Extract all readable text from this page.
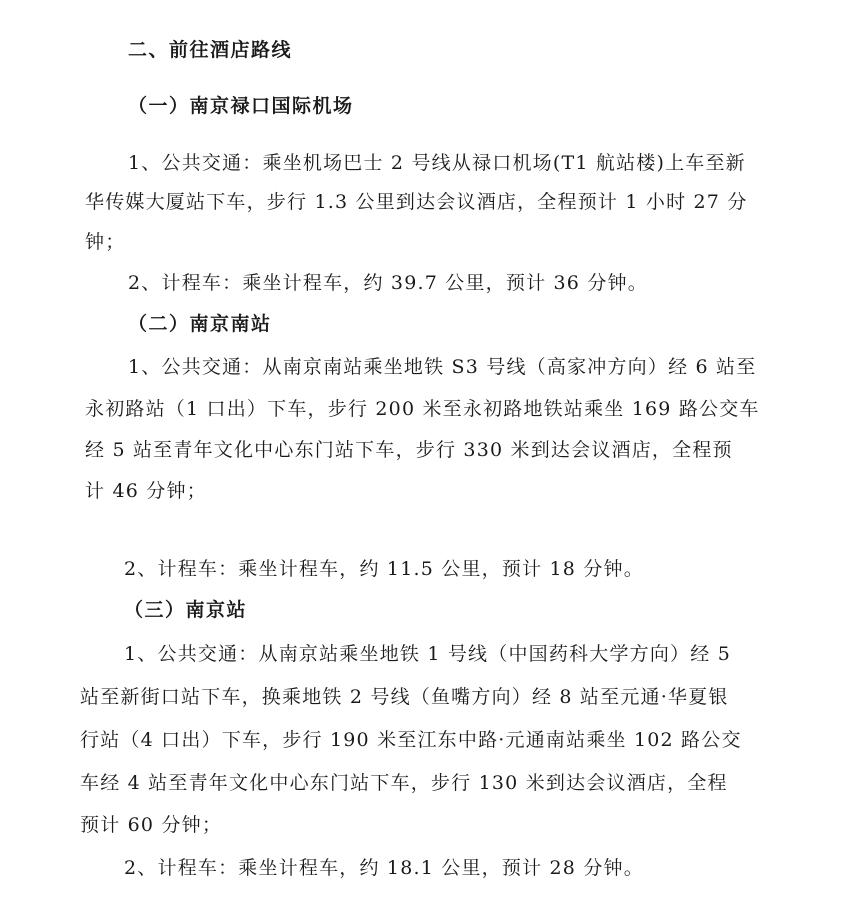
二、前往酒店路线
（一）南京禄口国际机场
1、公共交通：乘坐机场巴士 2 号线从禄口机场(T1 航站楼)上车至新
华传媒大厦站下车，步行 1.3 公里到达会议酒店，全程预计 1 小时 27 分
钟；
2、计程车：乘坐计程车，约 39.7 公里，预计 36 分钟。
（二）南京南站
1、公共交通：从南京南站乘坐地铁 S3 号线（高家冲方向）经 6 站至
永初路站（1 口出）下车，步行 200 米至永初路地铁站乘坐 169 路公交车
经 5 站至青年文化中心东门站下车，步行 330 米到达会议酒店，全程预
计 46 分钟；
2、计程车：乘坐计程车，约 11.5 公里，预计 18 分钟。
（三）南京站
1、公共交通：从南京站乘坐地铁 1 号线（中国药科大学方向）经 5
站至新街口站下车，换乘地铁 2 号线（鱼嘴方向）经 8 站至元通·华夏银
行站（4 口出）下车，步行 190 米至江东中路·元通南站乘坐 102 路公交
车经 4 站至青年文化中心东门站下车，步行 130 米到达会议酒店，全程
预计 60 分钟；
2、计程车：乘坐计程车，约 18.1 公里，预计 28 分钟。
